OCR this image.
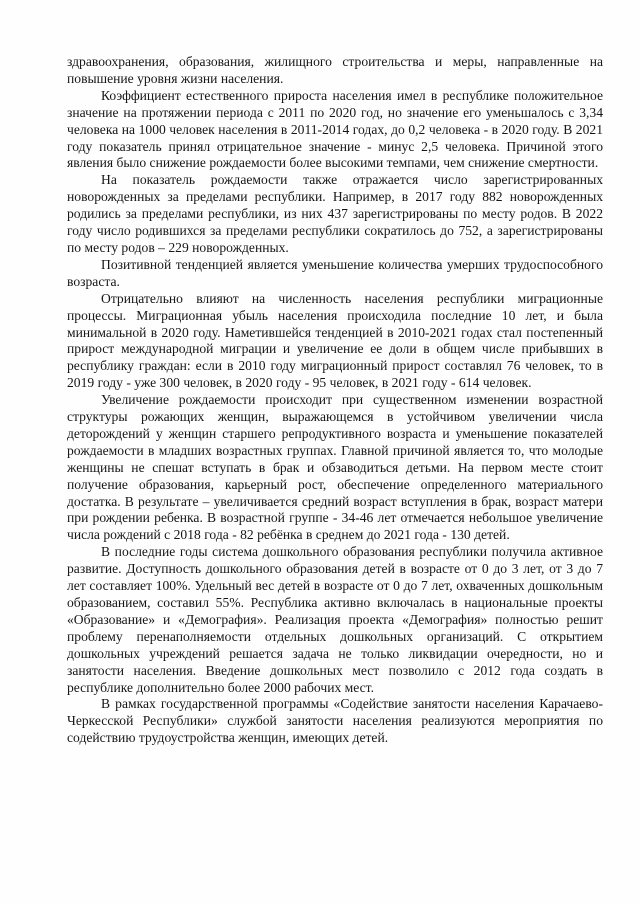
здравоохранения, образования, жилищного строительства и меры, направленные на повышение уровня жизни населения.

Коэффициент естественного прироста населения имел в республике положительное значение на протяжении периода с 2011 по 2020 год, но значение его уменьшалось с 3,34 человека на 1000 человек населения в 2011-2014 годах, до 0,2 человека - в 2020 году. В 2021 году показатель принял отрицательное значение - минус 2,5 человека. Причиной этого явления было снижение рождаемости более высокими темпами, чем снижение смертности.

На показатель рождаемости также отражается число зарегистрированных новорожденных за пределами республики. Например, в 2017 году 882 новорожденных родились за пределами республики, из них 437 зарегистрированы по месту родов. В 2022 году число родившихся за пределами республики сократилось до 752, а зарегистрированы по месту родов – 229 новорожденных.

Позитивной тенденцией является уменьшение количества умерших трудоспособного возраста.

Отрицательно влияют на численность населения республики миграционные процессы. Миграционная убыль населения происходила последние 10 лет, и была минимальной в 2020 году. Наметившейся тенденцией в 2010-2021 годах стал постепенный прирост международной миграции и увеличение ее доли в общем числе прибывших в республику граждан: если в 2010 году миграционный прирост составлял 76 человек, то в 2019 году - уже 300 человек, в 2020 году - 95 человек, в 2021 году - 614 человек.

Увеличение рождаемости происходит при существенном изменении возрастной структуры рожающих женщин, выражающемся в устойчивом увеличении числа деторождений у женщин старшего репродуктивного возраста и уменьшение показателей рождаемости в младших возрастных группах. Главной причиной является то, что молодые женщины не спешат вступать в брак и обзаводиться детьми. На первом месте стоит получение образования, карьерный рост, обеспечение определенного материального достатка. В результате – увеличивается средний возраст вступления в брак, возраст матери при рождении ребенка. В возрастной группе - 34-46 лет отмечается небольшое увеличение числа рождений с 2018 года - 82 ребёнка в среднем до 2021 года - 130 детей.

В последние годы система дошкольного образования республики получила активное развитие. Доступность дошкольного образования детей в возрасте от 0 до 3 лет, от 3 до 7 лет составляет 100%. Удельный вес детей в возрасте от 0 до 7 лет, охваченных дошкольным образованием, составил 55%. Республика активно включалась в национальные проекты «Образование» и «Демография». Реализация проекта «Демография» полностью решит проблему перенаполняемости отдельных дошкольных организаций. С открытием дошкольных учреждений решается задача не только ликвидации очередности, но и занятости населения. Введение дошкольных мест позволило с 2012 года создать в республике дополнительно более 2000 рабочих мест.

В рамках государственной программы «Содействие занятости населения Карачаево-Черкесской Республики» службой занятости населения реализуются мероприятия по содействию трудоустройства женщин, имеющих детей.
